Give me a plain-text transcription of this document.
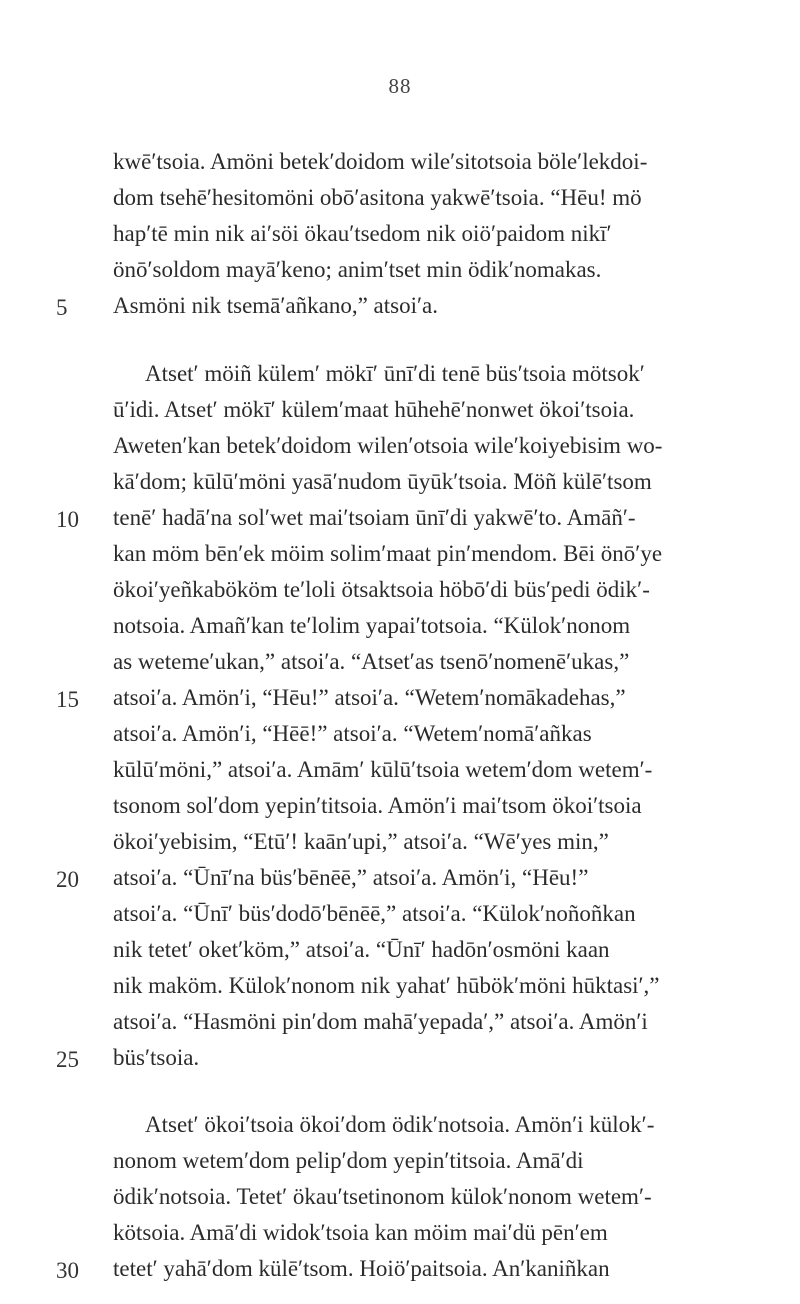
88
kwē′tsoia. Amöni betek′doidom wile′sitotsoia böle′lekdoi-
dom tsehē′hesitomöni obō′asitona yakwē′tsoia. “Hēu! mö
hap′tē min nik ai′söi ökau′tsedom nik oiö′paidom nikī′
önō′soldom mayā′keno; anim′tset min ödik′nomakas.
Asmöni nik tsemā′añkano,” atsoi′a.
Atset′ möiñ külem′ mökī′ ūnī′di tenē büs′tsoia mötsok′
ū′idi. Atset′ mökī′ külem′maat hūhehē′nonwet ökoi′tsoia.
Aweten′kan betek′doidom wilen′otsoia wile′koiyebisim wo-
kā′dom; kūlū′möni yasā′nudom ūyūk′tsoia. Möñ külē′tsom
tenē′ hadā′na sol′wet mai′tsoiam ūnī′di yakwē′to. Amāñ′-
kan möm bēn′ek möim solim′maat pin′mendom. Bēi önō′ye
ökoi′yeñkabököm te′loli ötsaktsoia höbō′di büs′pedi ödik′-
notsoia. Amañ′kan te′lolim yapai′totsoia. “Külok′nonom
as weteme′ukan,” atsoi′a. “Atset′as tsenō′nomenē′ukas,”
atsoi′a. Amön′i, “Hēu!” atsoi′a. “Wetem′nomākadehas,”
atsoi′a. Amön′i, “Hēē!” atsoi′a. “Wetem′nomā′añkas
kūlū′möni,” atsoi′a. Amām′ kūlū′tsoia wetem′dom wetem′-
tsonom sol′dom yepin′titsoia. Amön′i mai′tsom ökoi′tsoia
ökoi′yebisim, “Etū′! kaān′upi,” atsoi′a. “Wē′yes min,”
atsoi′a. “Ūnī′na büs′bēnēē,” atsoi′a. Amön′i, “Hēu!”
atsoi′a. “Ūnī′ büs′dodō′bēnēē,” atsoi′a. “Külok′noñoñkan
nik tetet′ oket′köm,” atsoi′a. “Ūnī′ hadōn′osmöni kaan
nik maköm. Külok′nonom nik yahat′ hūbök′möni hūktasi′,”
atsoi′a. “Hasmöni pin′dom mahā′yepada′,” atsoi′a. Amön′i
büs′tsoia.
Atset′ ökoi′tsoia ökoi′dom ödik′notsoia. Amön′i külok′-
nonom wetem′dom pelip′dom yepin′titsoia. Amā′di
ödik′notsoia. Tetet′ ökau′tsetinonom külok′nonom wetem′-
kötsoia. Amā′di widok′tsoia kan möim mai′dü pēn′em
tetet′ yahā′dom külē′tsom. Hoiö′paitsoia. An′kaniñkan
5
10
15
20
25
30
